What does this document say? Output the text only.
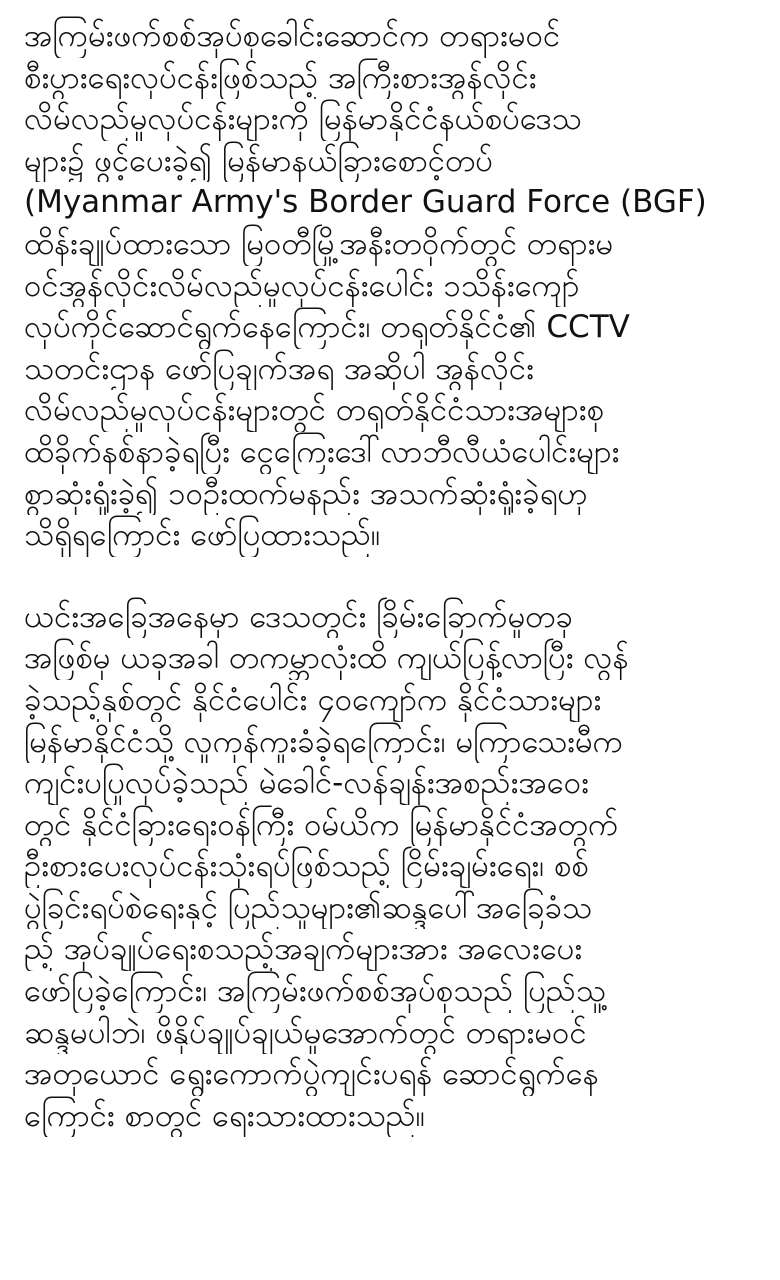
အကြမ်းဖက်စစ်အုပ်စုခေါင်းဆောင်က တရားမဝင်
စီးပွားရေးလုပ်ငန်းဖြစ်သည့် အကြီးစားအွန်လိုင်း
လိမ်လည်မှုလုပ်ငန်းများကို မြန်မာနိုင်ငံနယ်စပ်ဒေသ
များ၌ ဖွင့်ပေးခဲ့၍ မြန်မာနယ်ခြားစောင့်တပ်
(Myanmar Army's Border Guard Force (BGF)
ထိန်းချုပ်ထားသော မြဝတီမြို့အနီးတဝိုက်တွင် တရားမ
ဝင်အွန်လိုင်းလိမ်လည်မှုလုပ်ငန်းပေါင်း ၁သိန်းကျော်
လုပ်ကိုင်ဆောင်ရွက်နေကြောင်း၊ တရုတ်နိုင်ငံ၏ CCTV
သတင်းဌာန ဖော်ပြချက်အရ အဆိုပါ အွန်လိုင်း
လိမ်လည်မှုလုပ်ငန်းများတွင် တရုတ်နိုင်ငံသားအများစု
ထိခိုက်နစ်နာခဲ့ရပြီး ငွေကြေးဒေါ်လာဘီလီယံပေါင်းများ
စွာဆုံးရှုံးခဲ့၍ ၁၀ဦးထက်မနည်း အသက်ဆုံးရှုံးခဲ့ရဟု
သိရှိရကြောင်း ဖော်ပြထားသည်။
ယင်းအခြေအနေမှာ ဒေသတွင်း ခြိမ်းခြောက်မှုတခု
အဖြစ်မှ ယခုအခါ တကမ္ဘာလုံးထိ ကျယ်ပြန့်လာပြီး လွန်
ခဲ့သည့်နှစ်တွင် နိုင်ငံပေါင်း ၄၀ကျော်က နိုင်ငံသားများ
မြန်မာနိုင်ငံသို့ လူကုန်ကူးခံခဲ့ရကြောင်း၊ မကြာသေးမီက
ကျင်းပပြုလုပ်ခဲ့သည် မဲခေါင်-လန်ချန်းအစည်းအဝေး
တွင် နိုင်ငံခြားရေးဝန်ကြီး ဝမ်ယိက မြန်မာနိုင်ငံအတွက်
ဦးစားပေးလုပ်ငန်းသုံးရပ်ဖြစ်သည့် ငြိမ်းချမ်းရေး၊ စစ်
ပွဲခြင်းရပ်စဲရေးနှင့် ပြည်သူများ၏ဆန္ဒပေါ်အခြေခံသ
ည့် အုပ်ချုပ်ရေးစသည့်အချက်များအား အလေးပေး
ဖော်ပြခဲ့ကြောင်း၊ အကြမ်းဖက်စစ်အုပ်စုသည် ပြည်သူ့
ဆန္ဒမပါဘဲ၊ ဖိနှိပ်ချုပ်ချယ်မှုအောက်တွင် တရားမဝင်
အတုယောင် ရွေးကောက်ပွဲကျင်းပရန် ဆောင်ရွက်နေ
ကြောင်း စာတွင် ရေးသားထားသည်။
